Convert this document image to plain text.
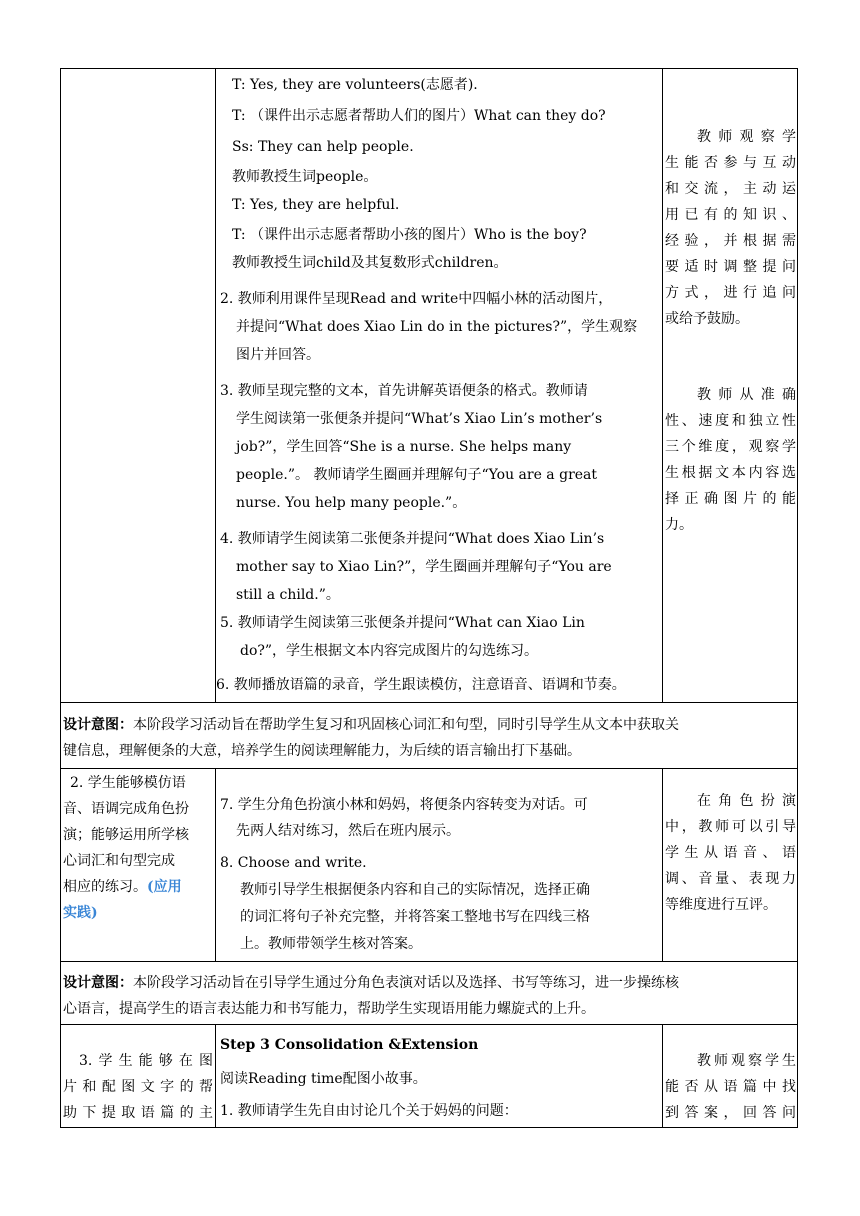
T: Yes, they are volunteers(志愿者).
T: （课件出示志愿者帮助人们的图片）What can they do?
Ss: They can help people.
教师教授生词people。
T: Yes, they are helpful.
T: （课件出示志愿者帮助小孩的图片）Who is the boy?
教师教授生词child及其复数形式children。
2. 教师利用课件呈现Read and write中四幅小林的活动图片，
并提问“What does Xiao Lin do in the pictures?”，学生观察
图片并回答。
3. 教师呈现完整的文本，首先讲解英语便条的格式。教师请
学生阅读第一张便条并提问“What’s Xiao Lin’s mother’s
job?”，学生回答“She is a nurse. She helps many
people.”。 教师请学生圈画并理解句子“You are a great
nurse. You help many people.”。
4. 教师请学生阅读第二张便条并提问“What does Xiao Lin’s
mother say to Xiao Lin?”，学生圈画并理解句子“You are
still a child.”。
5. 教师请学生阅读第三张便条并提问“What can Xiao Lin
do?”，学生根据文本内容完成图片的勾选练习。
6. 教师播放语篇的录音，学生跟读模仿，注意语音、语调和节奏。
教师观察学
生能否参与互动
和交流，主动运
用已有的知识、
经验，并根据需
要适时调整提问
方式，进行追问
或给予鼓励。
教师从准确
性、速度和独立性
三个维度，观察学
生根据文本内容选
择正确图片的能
力。
设计意图：本阶段学习活动旨在帮助学生复习和巩固核心词汇和句型，同时引导学生从文本中获取关
键信息，理解便条的大意，培养学生的阅读理解能力，为后续的语言输出打下基础。
2. 学生能够模仿语
音、语调完成角色扮
演；能够运用所学核
心词汇和句型完成
相应的练习。(应用
实践)
7. 学生分角色扮演小林和妈妈，将便条内容转变为对话。可
先两人结对练习，然后在班内展示。
8. Choose and write.
教师引导学生根据便条内容和自己的实际情况，选择正确
的词汇将句子补充完整，并将答案工整地书写在四线三格
上。教师带领学生核对答案。
在角色扮演
中，教师可以引导
学生从语音、语
调、音量、表现力
等维度进行互评。
设计意图：本阶段学习活动旨在引导学生通过分角色表演对话以及选择、书写等练习，进一步操练核
心语言，提高学生的语言表达能力和书写能力，帮助学生实现语用能力螺旋式的上升。
3.学生能够在图
片和配图文字的帮
助下提取语篇的主
Step 3 Consolidation &Extension
阅读Reading time配图小故事。
1. 教师请学生先自由讨论几个关于妈妈的问题：
教师观察学生
能否从语篇中找
到答案，回答问
